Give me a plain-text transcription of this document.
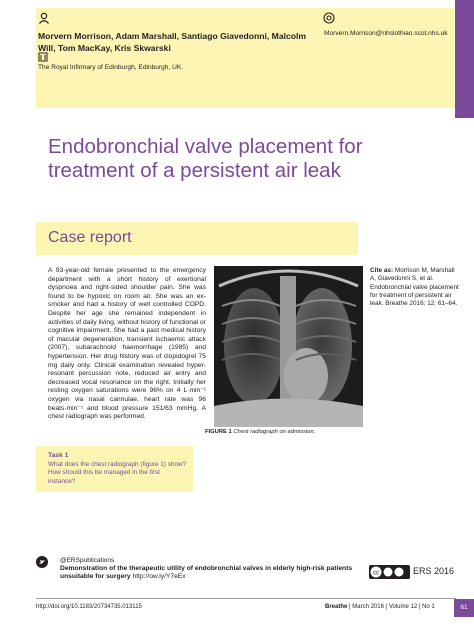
Morvern Morrison, Adam Marshall, Santiago Giavedonni, Malcolm Will, Tom MacKay, Kris Skwarski
The Royal Infirmary of Edinburgh, Edinburgh, UK.
Morvern.Morrison@nhslothian.scot.nhs.uk
Endobronchial valve placement for treatment of a persistent air leak
Case report
A 93-year-old female presented to the emergency department with a short history of exertional dyspnoea and right-sided shoulder pain. She was found to be hypoxic on room air. She was an ex-smoker and had a history of well controlled COPD. Despite her age she remained independent in activities of daily living, without history of functional or cognitive impairment. She had a past medical history of macular degeneration, transient ischaemic attack (2007), subarachnoid haemorrhage (1985) and hypertension. Her drug history was of clopidogrel 75 mg daily only. Clinical examination revealed hyper-resonant percussion note, reduced air entry and decreased vocal resonance on the right. Initially her resting oxygen saturations were 96% on 4 L·min⁻¹ oxygen via nasal cannulae, heart rate was 96 beats·min⁻¹ and blood pressure 151/63 mmHg. A chest radiograph was performed.
FIGURE 1 Chest radiograph on admission.
Cite as: Morrison M, Marshall A, Giavedonni S, et al. Endobronchial valve placement for treatment of persistent air leak. Breathe 2016; 12: 61–64.
Task 1
What does the chest radiograph (figure 1) show? How should this be managed in the first instance?
@ERSpublications
Demonstration of the therapeutic utility of endobronchial valves in elderly high-risk patients unsuitable for surgery http://ow.ly/Y7eEx	cc	ERS 2016
http://doi.org/10.1183/20734735.013115	Breathe | March 2016 | Volume 12 | No 1	61
